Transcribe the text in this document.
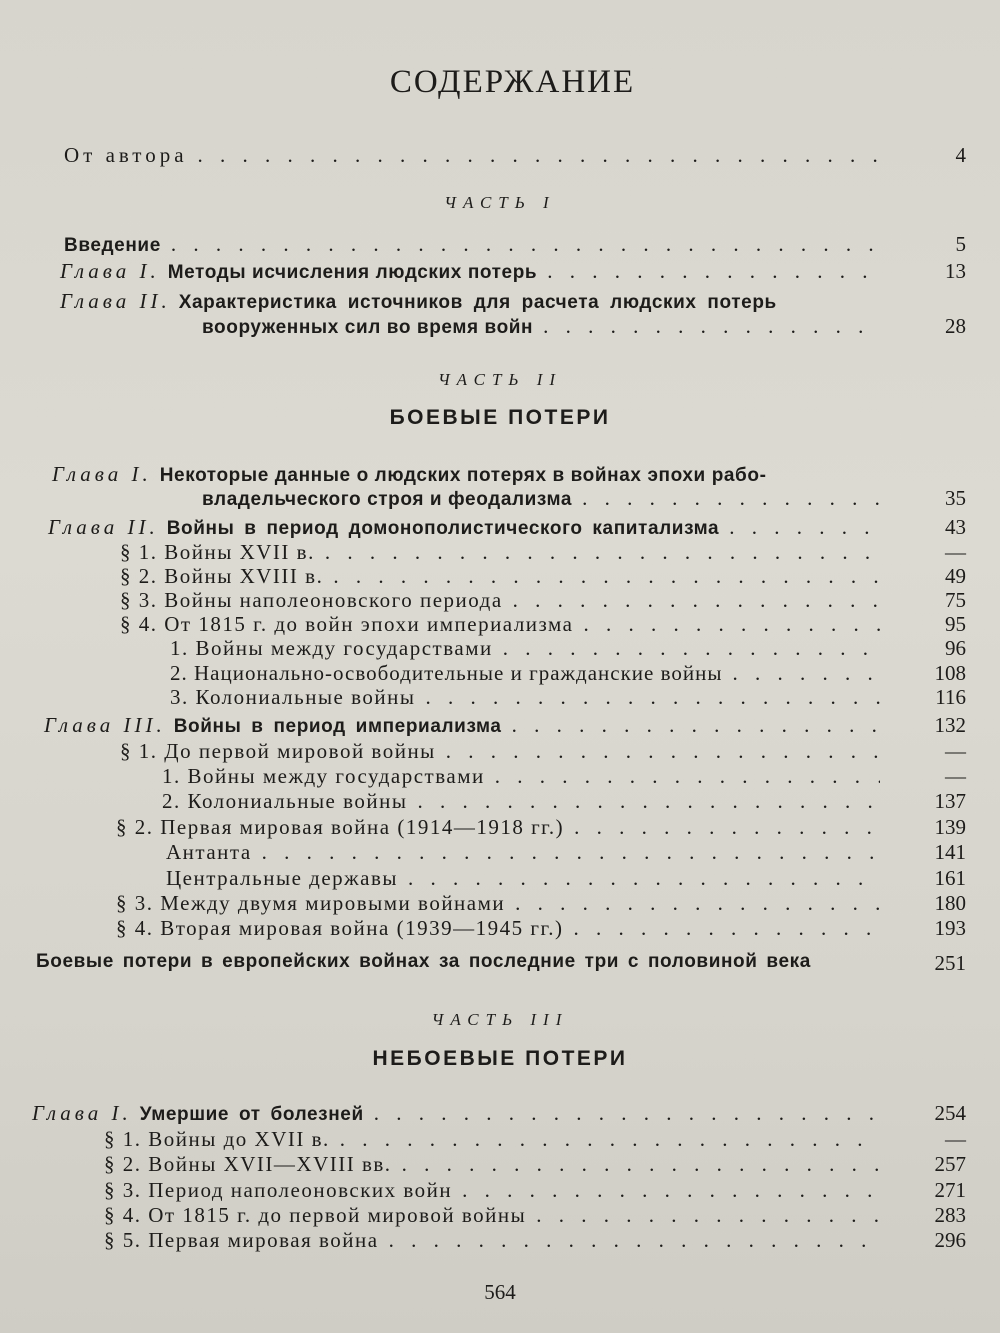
СОДЕРЖАНИЕ
От автора . . .	4
ЧАСТЬ I
Введение . . .	5
Глава I. Методы исчисления людских потерь . . .	13
Глава II. Характеристика источников для расчета людских потерь
вооруженных сил во время войн . . .	28
ЧАСТЬ II
БОЕВЫЕ ПОТЕРИ
Глава I. Некоторые данные о людских потерях в войнах эпохи рабо-
владельческого строя и феодализма . . .	35
Глава II. Войны в период домонополистического капитализма . . .	43
§ 1. Войны XVII в. . . .	—
§ 2. Войны XVIII в. . . .	49
§ 3. Войны наполеоновского периода . . .	75
§ 4. От 1815 г. до войн эпохи империализма . . .	95
1. Войны между государствами . . .	96
2. Национально-освободительные и гражданские войны . . .	108
3. Колониальные войны . . .	116
Глава III. Войны в период империализма . . .	132
§ 1. До первой мировой войны . . .	—
1. Войны между государствами . . .	—
2. Колониальные войны . . .	137
§ 2. Первая мировая война (1914—1918 гг.) . . .	139
Антанта . . .	141
Центральные державы . . .	161
§ 3. Между двумя мировыми войнами . . .	180
§ 4. Вторая мировая война (1939—1945 гг.) . . .	193
Боевые потери в европейских войнах за последние три с половиной века	251
ЧАСТЬ III
НЕБОЕВЫЕ ПОТЕРИ
Глава I. Умершие от болезней . . .	254
§ 1. Войны до XVII в. . . .	—
§ 2. Войны XVII—XVIII вв. . . .	257
§ 3. Период наполеоновских войн . . .	271
§ 4. От 1815 г. до первой мировой войны . . .	283
§ 5. Первая мировая война . . .	296
564
